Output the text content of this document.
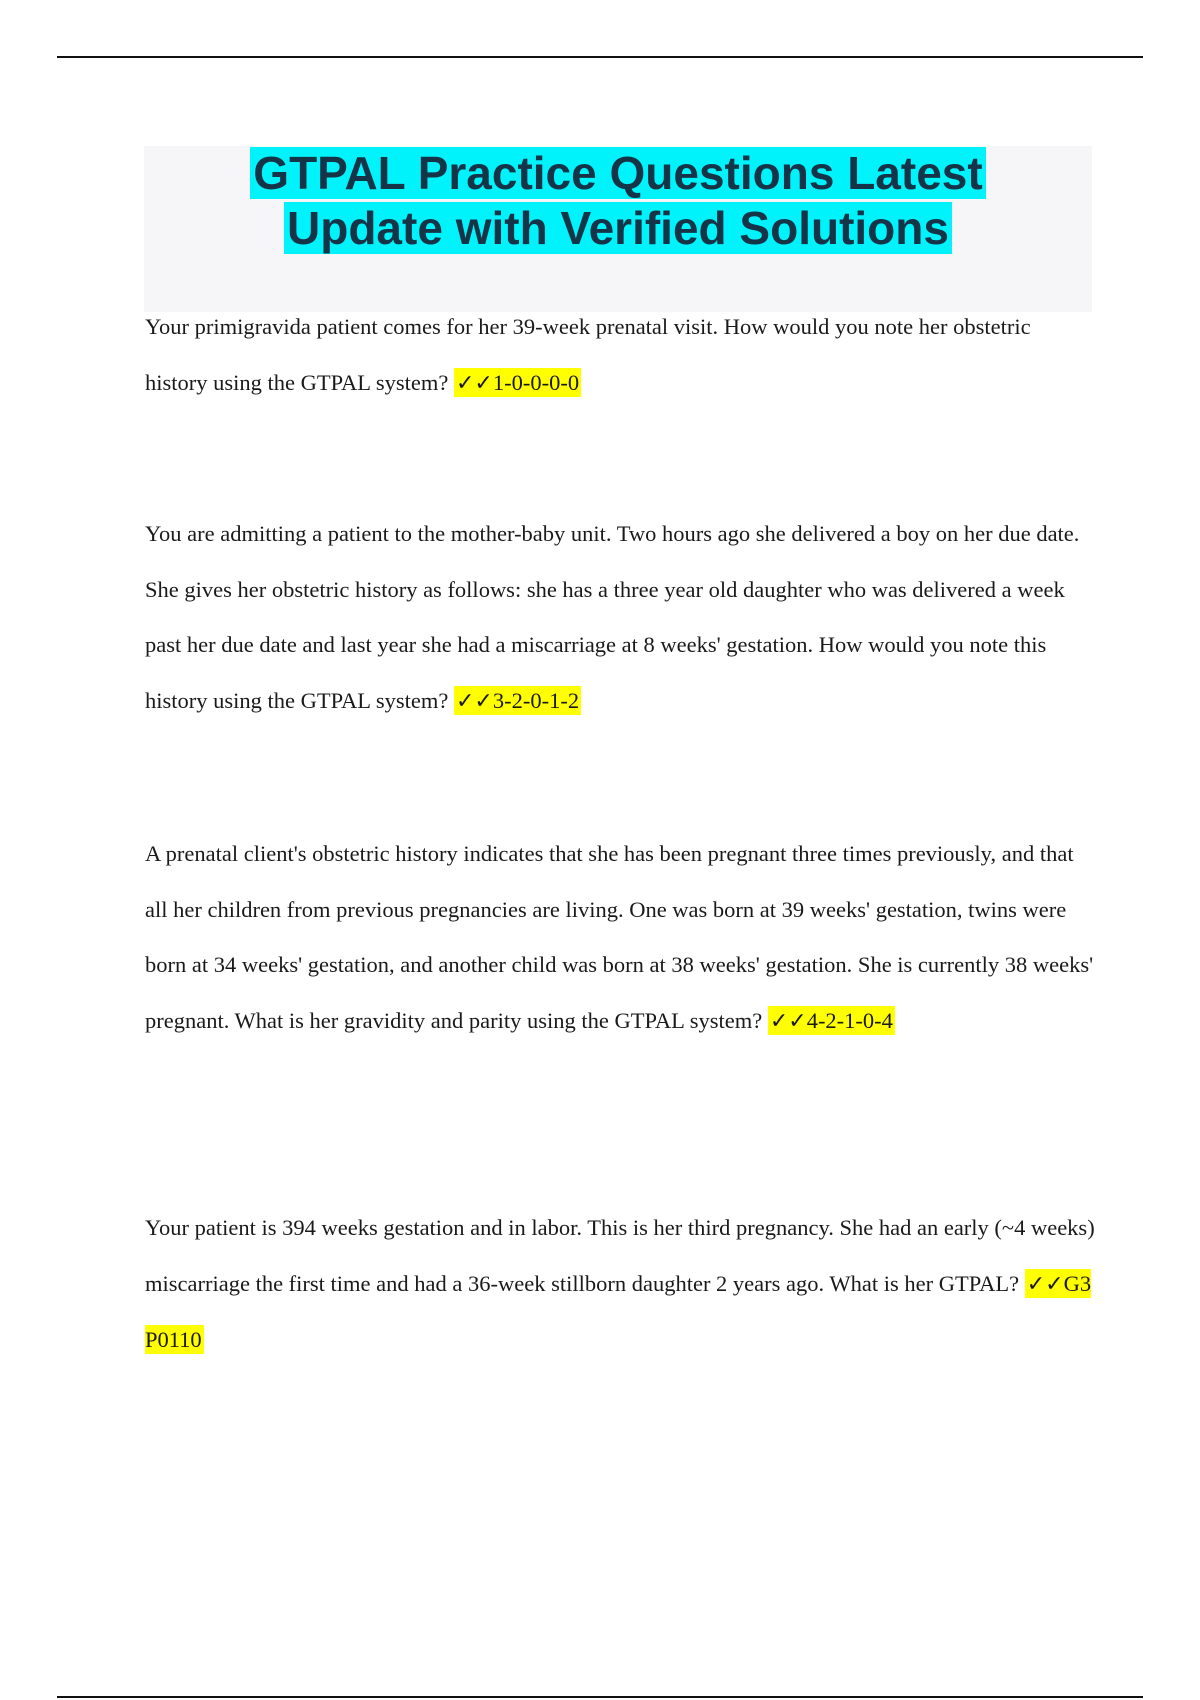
GTPAL Practice Questions Latest
Update with Verified Solutions

Your primigravida patient comes for her 39-week prenatal visit. How would you note her obstetric history using the GTPAL system? ✓✓1-0-0-0-0

You are admitting a patient to the mother-baby unit. Two hours ago she delivered a boy on her due date. She gives her obstetric history as follows: she has a three year old daughter who was delivered a week past her due date and last year she had a miscarriage at 8 weeks' gestation. How would you note this history using the GTPAL system? ✓✓3-2-0-1-2

A prenatal client's obstetric history indicates that she has been pregnant three times previously, and that all her children from previous pregnancies are living. One was born at 39 weeks' gestation, twins were born at 34 weeks' gestation, and another child was born at 38 weeks' gestation. She is currently 38 weeks' pregnant. What is her gravidity and parity using the GTPAL system? ✓✓4-2-1-0-4

Your patient is 394 weeks gestation and in labor. This is her third pregnancy. She had an early (~4 weeks) miscarriage the first time and had a 36-week stillborn daughter 2 years ago. What is her GTPAL? ✓✓G3 P0110
